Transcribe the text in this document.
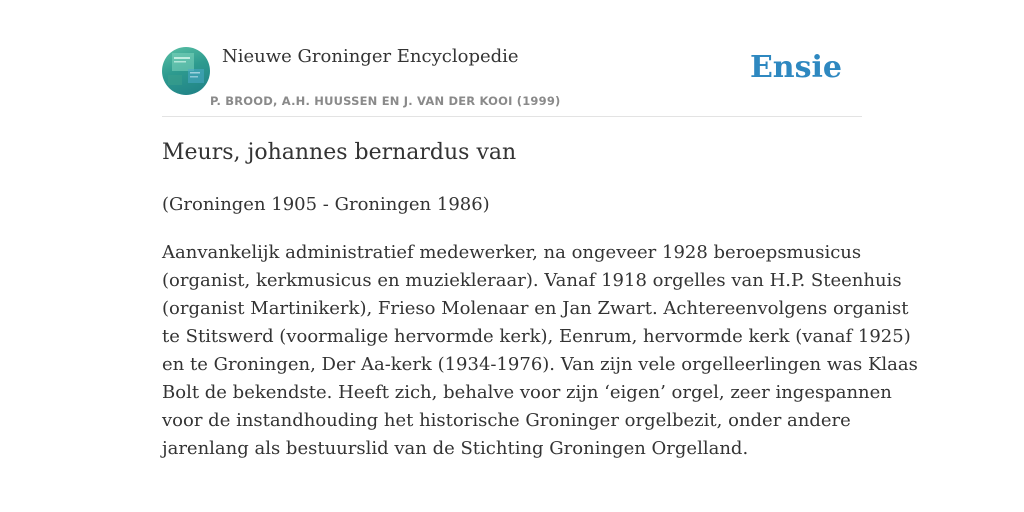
Nieuwe Groninger Encyclopedie
P. BROOD, A.H. HUUSSEN EN J. VAN DER KOOI (1999)
Ensie
Meurs, johannes bernardus van

(Groningen 1905 - Groningen 1986)

Aanvankelijk administratief medewerker, na ongeveer 1928 beroepsmusicus
(organist, kerkmusicus en muziekleraar). Vanaf 1918 orgelles van H.P. Steenhuis
(organist Martinikerk), Frieso Molenaar en Jan Zwart. Achtereenvolgens organist
te Stitswerd (voormalige hervormde kerk), Eenrum, hervormde kerk (vanaf 1925)
en te Groningen, Der Aa-kerk (1934-1976). Van zijn vele orgelleerlingen was Klaas
Bolt de bekendste. Heeft zich, behalve voor zijn ‘eigen’ orgel, zeer ingespannen
voor de instandhouding het historische Groninger orgelbezit, onder andere
jarenlang als bestuurslid van de Stichting Groningen Orgelland.
